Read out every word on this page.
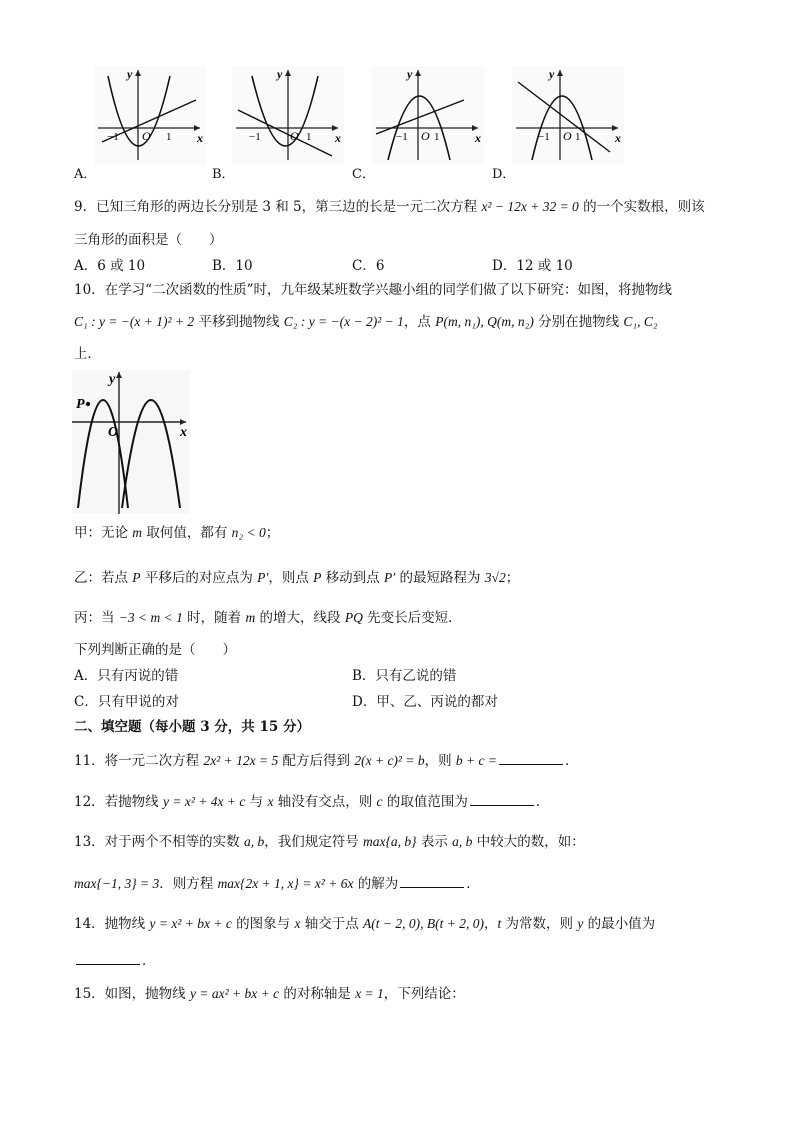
y
x
O
−1	1
A．
y
x
O
−1	1
B．
y
x
O
−1 1
C．
y
x
O
−1 1
D．
9．已知三角形的两边长分别是 3 和 5，第三边的长是一元二次方程 x² − 12x + 32 = 0 的一个实数根，则该
三角形的面积是（　　）
A．6 或 10	B．10	C．6	D．12 或 10
10．在学习“二次函数的性质”时，九年级某班数学兴趣小组的同学们做了以下研究：如图，将抛物线
C₁ : y = −(x + 1)² + 2 平移到抛物线 C₂ : y = −(x − 2)² − 1，点 P(m, n₁), Q(m, n₂) 分别在抛物线 C₁, C₂
上．
y
x
O
P
甲：无论 m 取何值，都有 n₂ < 0；
乙：若点 P 平移后的对应点为 P′，则点 P 移动到点 P′ 的最短路程为 3√2；
丙：当 −3 < m < 1 时，随着 m 的增大，线段 PQ 先变长后变短．
下列判断正确的是（　　）
A．只有丙说的错	B．只有乙说的错
C．只有甲说的对	D．甲、乙、丙说的都对
二、填空题（每小题 3 分，共 15 分）
11．将一元二次方程 2x² + 12x = 5 配方后得到 2(x + c)² = b，则 b + c =	．
12．若抛物线 y = x² + 4x + c 与 x 轴没有交点，则 c 的取值范围为	．
13．对于两个不相等的实数 a, b，我们规定符号 max{a, b} 表示 a, b 中较大的数，如：
max{−1, 3} = 3．则方程 max{2x + 1, x} = x² + 6x 的解为	．
14．抛物线 y = x² + bx + c 的图象与 x 轴交于点 A(t − 2, 0), B(t + 2, 0)，t 为常数，则 y 的最小值为
．
15．如图，抛物线 y = ax² + bx + c 的对称轴是 x = 1，下列结论：
